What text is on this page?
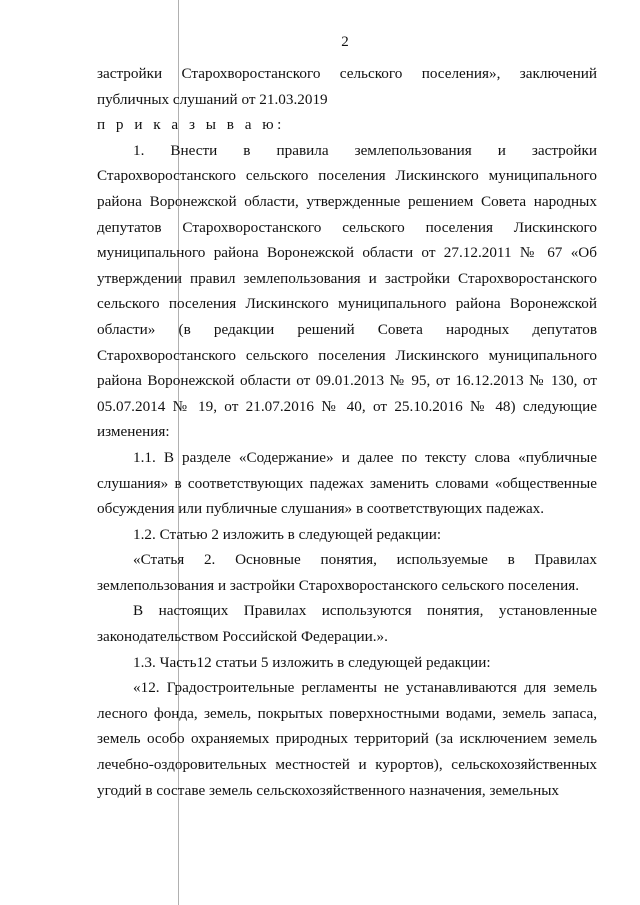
2

застройки Старохворостанского сельского поселения», заключений публичных слушаний от 21.03.2019

п р и к а з ы в а ю:

1. Внести в правила землепользования и застройки Старохворостанского сельского поселения Лискинского муниципального района Воронежской области, утвержденные решением Совета народных депутатов Старохворостанского сельского поселения Лискинского муниципального района Воронежской области от 27.12.2011 № 67 «Об утверждении правил землепользования и застройки Старохворостанского сельского поселения Лискинского муниципального района Воронежской области» (в редакции решений Совета народных депутатов Старохворостанского сельского поселения Лискинского муниципального района Воронежской области от 09.01.2013 № 95, от 16.12.2013 № 130, от 05.07.2014 № 19, от 21.07.2016 № 40, от 25.10.2016 № 48) следующие изменения:

1.1. В разделе «Содержание» и далее по тексту слова «публичные слушания» в соответствующих падежах заменить словами «общественные обсуждения или публичные слушания» в соответствующих падежах.

1.2. Статью 2 изложить в следующей редакции:

«Статья 2. Основные понятия, используемые в Правилах землепользования и застройки Старохворостанского сельского поселения.

В настоящих Правилах используются понятия, установленные законодательством Российской Федерации.».

1.3. Часть12 статьи 5 изложить в следующей редакции:

«12. Градостроительные регламенты не устанавливаются для земель лесного фонда, земель, покрытых поверхностными водами, земель запаса, земель особо охраняемых природных территорий (за исключением земель лечебно-оздоровительных местностей и курортов), сельскохозяйственных угодий в составе земель сельскохозяйственного назначения, земельных
